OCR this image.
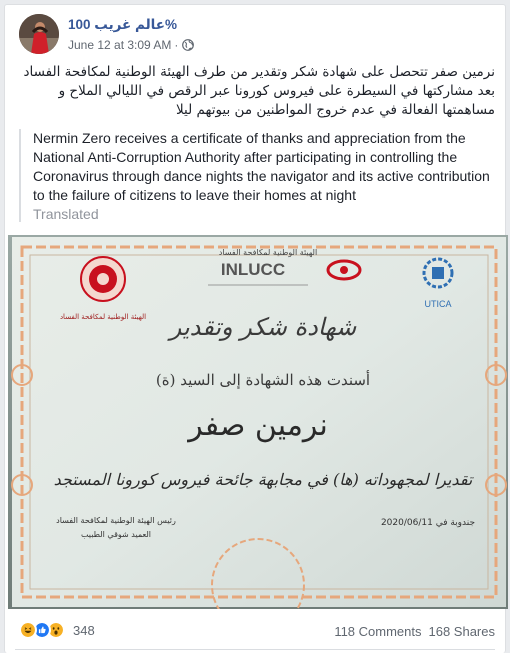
عالم غريب 100%
June 12 at 3:09 AM ·
نرمين صفر تتحصل على شهادة شكر وتقدير من طرف الهيئة الوطنية لمكافحة الفساد بعد مشاركتها في السيطرة على فيروس كورونا عبر الرقص في الليالي الملاح و مساهمتها الفعالة في عدم خروج المواطنين من بيوتهم ليلا
Nermin Zero receives a certificate of thanks and appreciation from the National Anti-Corruption Authority after participating in controlling the Coronavirus through dance nights the navigator and its active contribution to the failure of citizens to leave their homes at night
Translated
الهيئة الوطنية لمكافحة الفساد
الهيئة الوطنية لمكافحة الفساد
INLUCC
UTICA
شهادة شكر وتقدير
أسندت هذه الشهادة إلى السيد (ة)
نرمين صفر
تقديرا لمجهوداته (ها) في مجابهة جائحة فيروس كورونا المستجد
جندوبة في 2020/06/11
رئيس الهيئة الوطنية لمكافحة الفساد
العميد شوقي الطبيب
348	118 Comments 168 Shares
